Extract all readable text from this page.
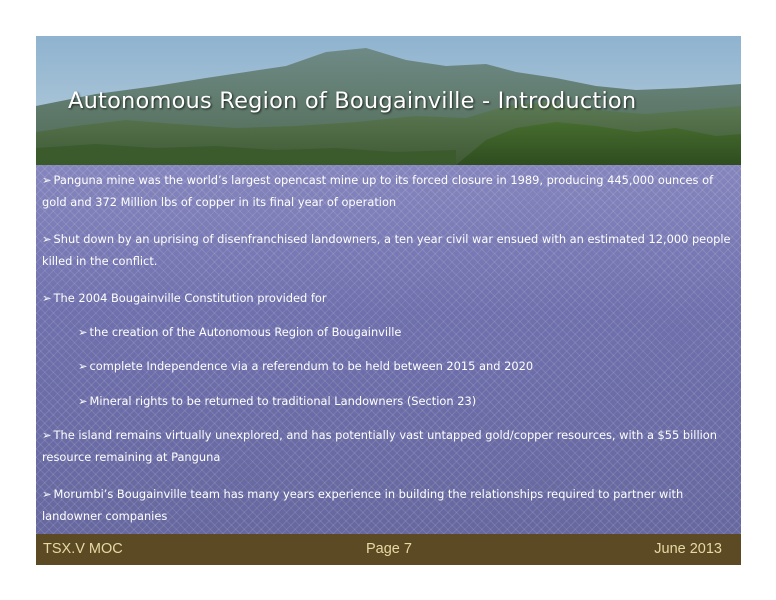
Autonomous Region of Bougainville - Introduction

➢ Panguna mine was the world’s largest opencast mine up to its forced closure in 1989, producing 445,000 ounces of gold and 372 Million lbs of copper in its final year of operation

➢ Shut down by an uprising of disenfranchised landowners, a ten year civil war ensued with an estimated 12,000 people killed in the conflict.

➢ The 2004 Bougainville Constitution provided for

➢ the creation of the Autonomous Region of Bougainville

➢ complete Independence via a referendum to be held between 2015 and 2020

➢ Mineral rights to be returned to traditional Landowners (Section 23)

➢ The island remains virtually unexplored, and has potentially vast untapped gold/copper resources, with a $55 billion resource remaining at Panguna

➢ Morumbi’s Bougainville team has many years experience in building the relationships required to partner with landowner companies

TSX.V MOC	Page 7	June 2013
